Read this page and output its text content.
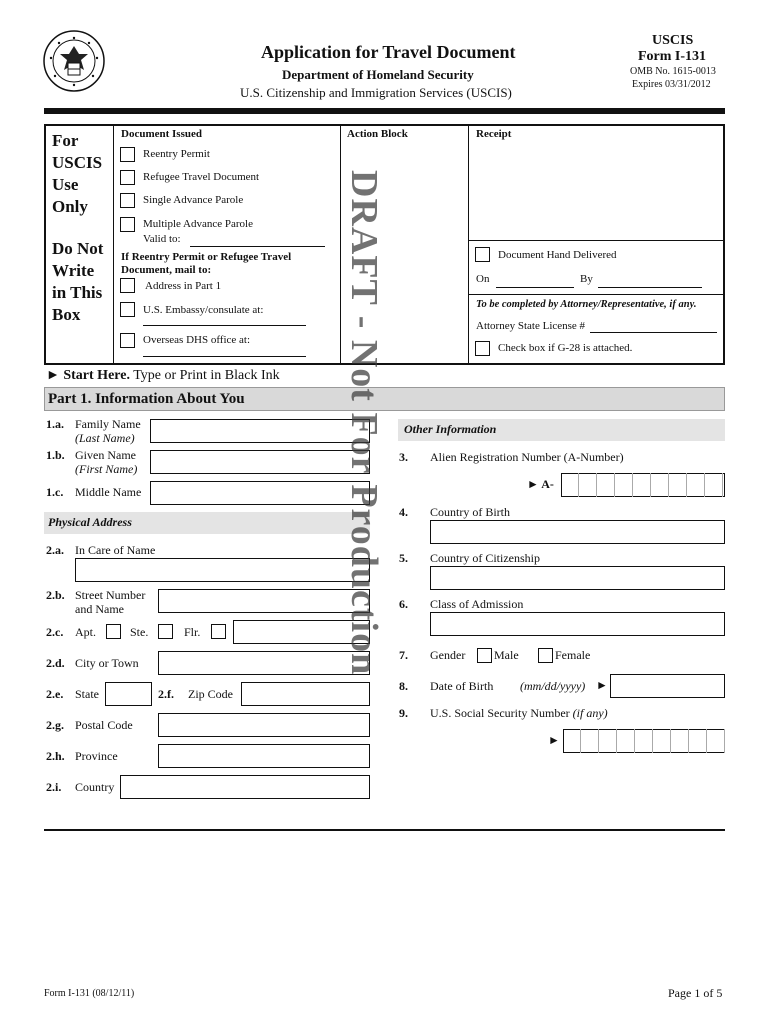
Application for Travel Document
Department of Homeland Security
U.S. Citizenship and Immigration Services (USCIS)
USCIS
Form I-131
OMB No. 1615-0013
Expires 03/31/2012
For
USCIS
Use
Only
Do Not
Write
in This
Box
Document Issued
Reentry Permit
Refugee Travel Document
Single Advance Parole
Multiple Advance Parole
Valid to:
If Reentry Permit or Refugee Travel
Document, mail to:
Address in Part 1
U.S. Embassy/consulate at:
Overseas DHS office at:
Action Block	Receipt
Document Hand Delivered
On	By
To be completed by Attorney/Representative, if any.
Attorney State License #
Check box if G-28 is attached.
► Start Here. Type or Print in Black Ink
Part 1. Information About You
1.a. Family Name
(Last Name)
1.b. Given Name
(First Name)
1.c. Middle Name
Physical Address
2.a. In Care of Name
2.b. Street Number
and Name
2.c. Apt.	Ste.	Flr.
2.d. City or Town
2.e. State	2.f. Zip Code
2.g. Postal Code
2.h. Province
2.i. Country
Other Information
3. Alien Registration Number (A-Number)
► A-
4. Country of Birth
5. Country of Citizenship
6. Class of Admission
7. Gender Male	Female
8. Date of Birth (mm/dd/yyyy) ►
9. U.S. Social Security Number (if any)
►
DRAFT - Not For Production
Form I-131 (08/12/11)	Page 1 of 5
